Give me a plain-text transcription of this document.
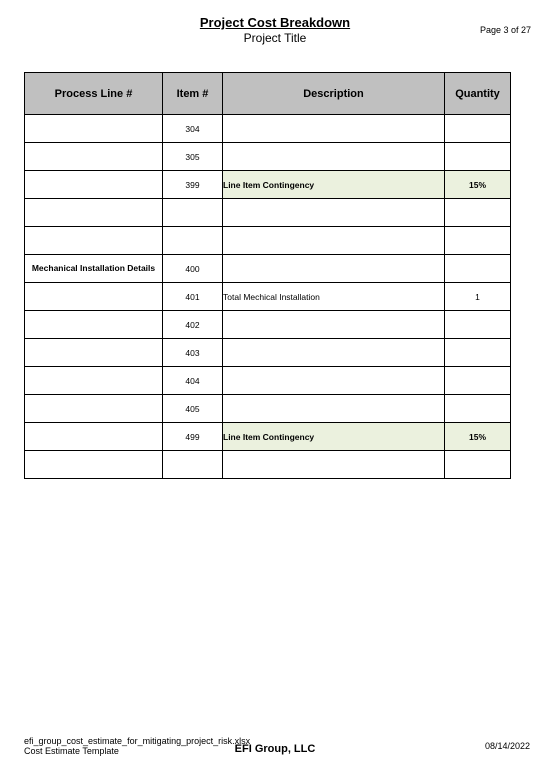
Project Cost Breakdown
Project Title
Page 3 of 27
Process Line #	Item #	Description	Quantity
	304		
	305		
	399	Line Item Contingency	15%

Mechanical Installation Details	400		
	401	Total Mechical Installation	1
	402		
	403		
	404		
	405		
	499	Line Item Contingency	15%

efi_group_cost_estimate_for_mitigating_project_risk.xlsx
Cost Estimate Template	EFI Group, LLC	08/14/2022
